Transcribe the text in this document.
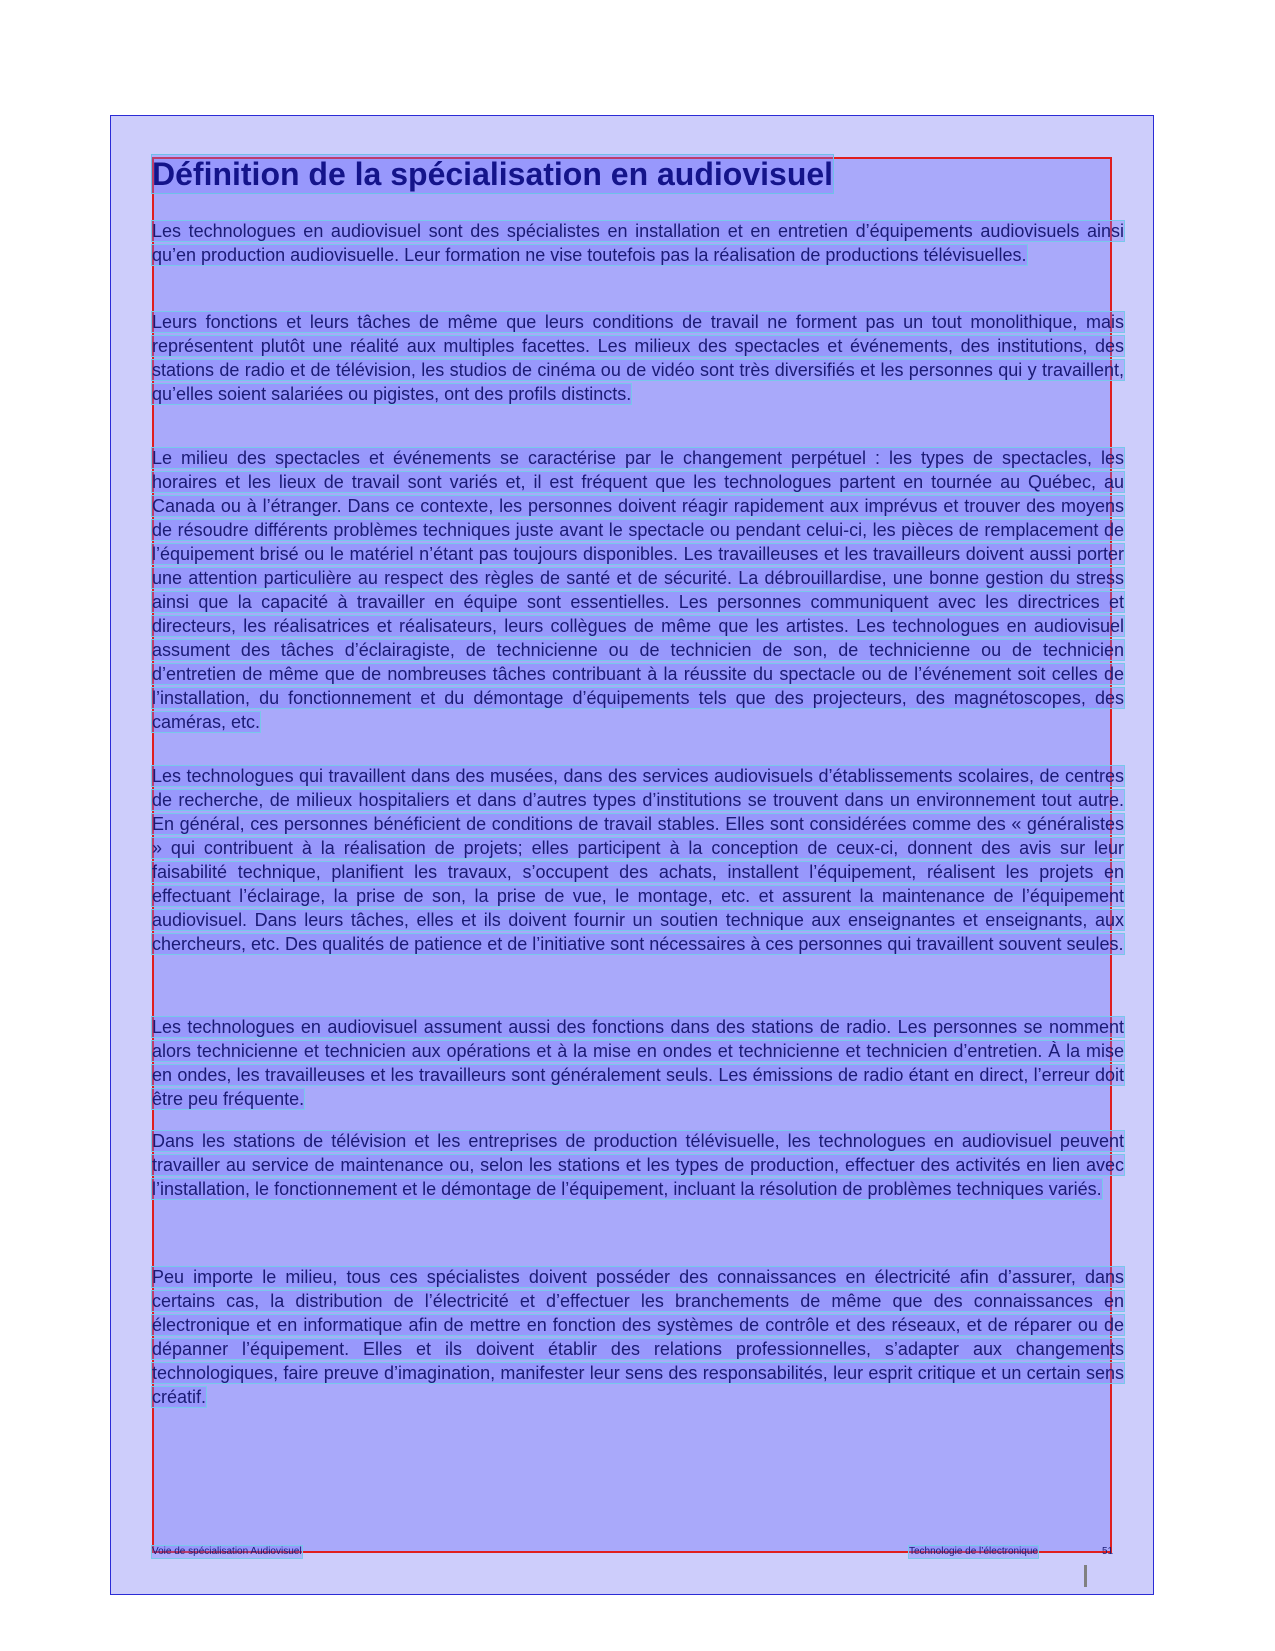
Définition de la spécialisation en audiovisuel

Les technologues en audiovisuel sont des spécialistes en installation et en entretien d’équipements audiovisuels ainsi qu’en production audiovisuelle. Leur formation ne vise toutefois pas la réalisation de productions télévisuelles.

Leurs fonctions et leurs tâches de même que leurs conditions de travail ne forment pas un tout monolithique, mais représentent plutôt une réalité aux multiples facettes. Les milieux des spectacles et événements, des institutions, des stations de radio et de télévision, les studios de cinéma ou de vidéo sont très diversifiés et les personnes qui y travaillent, qu’elles soient salariées ou pigistes, ont des profils distincts.

Le milieu des spectacles et événements se caractérise par le changement perpétuel : les types de spectacles, les horaires et les lieux de travail sont variés et, il est fréquent que les technologues partent en tournée au Québec, au Canada ou à l’étranger. Dans ce contexte, les personnes doivent réagir rapidement aux imprévus et trouver des moyens de résoudre différents problèmes techniques juste avant le spectacle ou pendant celui-ci, les pièces de remplacement de l’équipement brisé ou le matériel n’étant pas toujours disponibles. Les travailleuses et les travailleurs doivent aussi porter une attention particulière au respect des règles de santé et de sécurité. La débrouillardise, une bonne gestion du stress ainsi que la capacité à travailler en équipe sont essentielles. Les personnes communiquent avec les directrices et directeurs, les réalisatrices et réalisateurs, leurs collègues de même que les artistes. Les technologues en audiovisuel assument des tâches d’éclairagiste, de technicienne ou de technicien de son, de technicienne ou de technicien d’entretien de même que de nombreuses tâches contribuant à la réussite du spectacle ou de l’événement soit celles de l’installation, du fonctionnement et du démontage d’équipements tels que des projecteurs, des magnétoscopes, des caméras, etc.

Les technologues qui travaillent dans des musées, dans des services audiovisuels d’établissements scolaires, de centres de recherche, de milieux hospitaliers et dans d’autres types d’institutions se trouvent dans un environnement tout autre. En général, ces personnes bénéficient de conditions de travail stables. Elles sont considérées comme des « généralistes » qui contribuent à la réalisation de projets; elles participent à la conception de ceux-ci, donnent des avis sur leur faisabilité technique, planifient les travaux, s’occupent des achats, installent l’équipement, réalisent les projets en effectuant l’éclairage, la prise de son, la prise de vue, le montage, etc. et assurent la maintenance de l’équipement audiovisuel. Dans leurs tâches, elles et ils doivent fournir un soutien technique aux enseignantes et enseignants, aux chercheurs, etc. Des qualités de patience et de l’initiative sont nécessaires à ces personnes qui travaillent souvent seules.

Les technologues en audiovisuel assument aussi des fonctions dans des stations de radio. Les personnes se nomment alors technicienne et technicien aux opérations et à la mise en ondes et technicienne et technicien d’entretien. À la mise en ondes, les travailleuses et les travailleurs sont généralement seuls. Les émissions de radio étant en direct, l’erreur doit être peu fréquente.

Dans les stations de télévision et les entreprises de production télévisuelle, les technologues en audiovisuel peuvent travailler au service de maintenance ou, selon les stations et les types de production, effectuer des activités en lien avec l’installation, le fonctionnement et le démontage de l’équipement, incluant la résolution de problèmes techniques variés.

Peu importe le milieu, tous ces spécialistes doivent posséder des connaissances en électricité afin d’assurer, dans certains cas, la distribution de l’électricité et d’effectuer les branchements de même que des connaissances en électronique et en informatique afin de mettre en fonction des systèmes de contrôle et des réseaux, et de réparer ou de dépanner l’équipement. Elles et ils doivent établir des relations professionnelles, s’adapter aux changements technologiques, faire preuve d’imagination, manifester leur sens des responsabilités, leur esprit critique et un certain sens créatif.

Voie de spécialisation Audiovisuel	Technologie de l’électronique	51
